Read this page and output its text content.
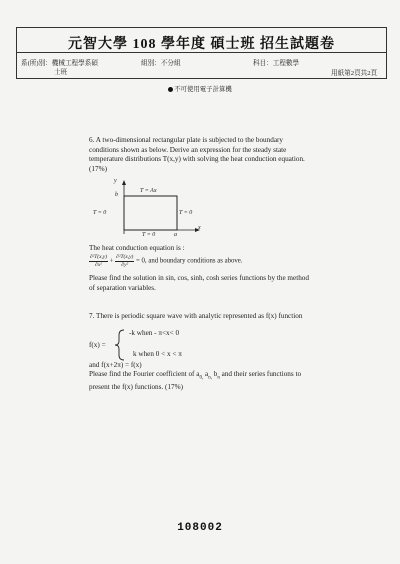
元智大學 108 學年度 碩士班 招生試題卷
系(所)別：機械工程學系碩
士班
組別：不分組	科目：工程數學
用紙第2頁共2頁
不可使用電子計算機

6. A two-dimensional rectangular plate is subjected to the boundary conditions shown as below. Derive an expression for the steady state temperature distributions T(x,y) with solving the heat conduction equation. (17%)

y
x
T = Ax
T = 0	T = 0
T = 0
b
a
The heat conduction equation is :
$\frac{\text{∂²T(x,y)}}{\text{∂x²}} + \frac{\text{∂²T(x,y)}}{\text{∂y²}} = 0$, and boundary conditions as above.
Please find the solution in sin, cos, sinh, cosh series functions by the method of separation variables.
7. There is periodic square wave with analytic represented as f(x) function
f(x) =
-k when - π<x< 0
k when 0 < x < π
and f(x+2π) = f(x)
Please find the Fourier coefficient of $a_{0,}$ $a_{n,}$ $b_n$ and their series functions to present the f(x) functions. (17%)
108002
